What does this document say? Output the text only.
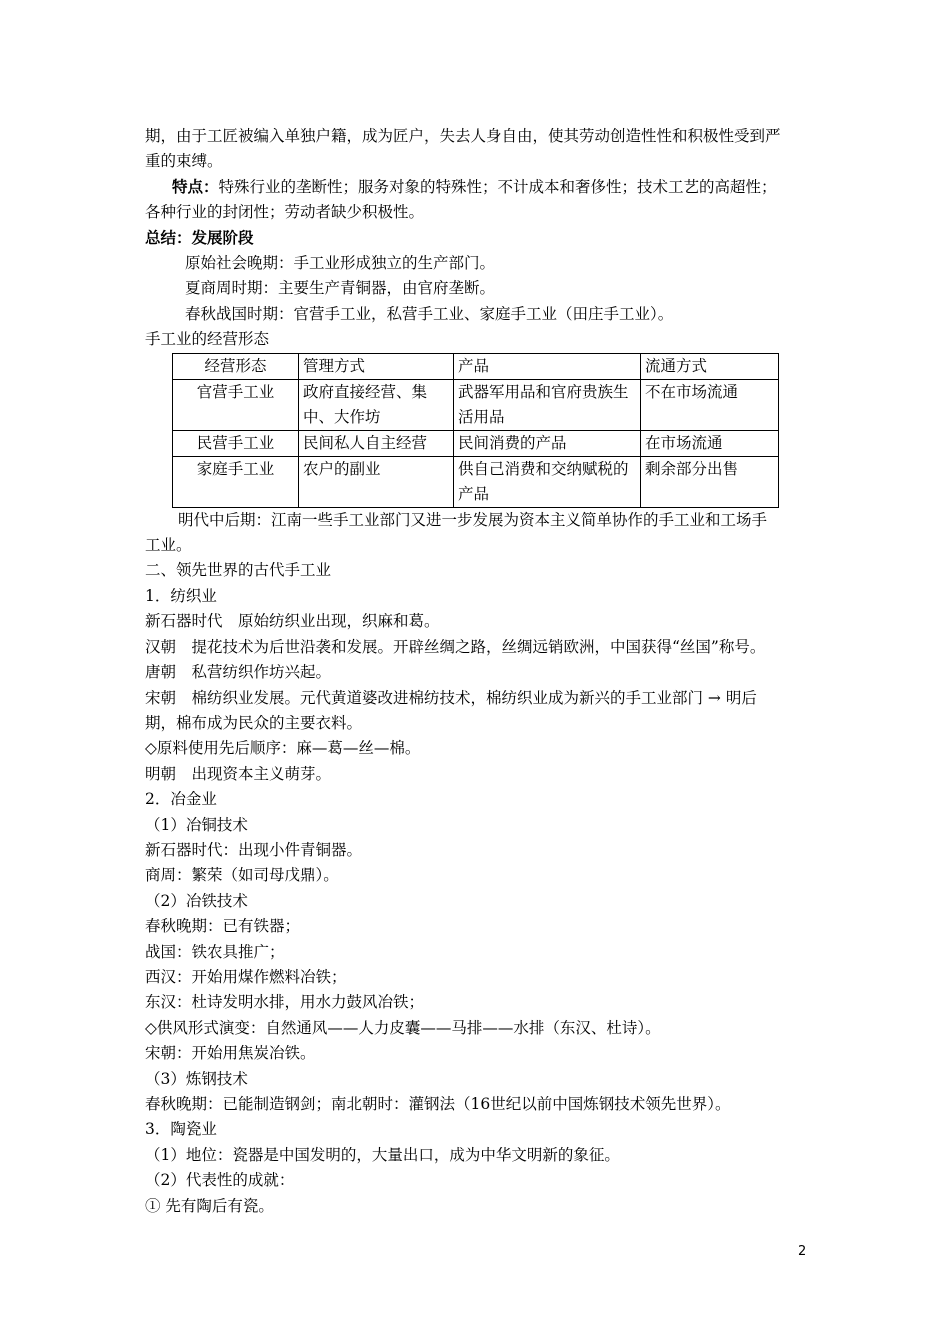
期，由于工匠被编入单独户籍，成为匠户，失去人身自由，使其劳动创造性性和积极性受到严
重的束缚。
特点：特殊行业的垄断性；服务对象的特殊性；不计成本和奢侈性；技术工艺的高超性；
各种行业的封闭性；劳动者缺少积极性。
总结：发展阶段
原始社会晚期：手工业形成独立的生产部门。
夏商周时期：主要生产青铜器，由官府垄断。
春秋战国时期：官营手工业，私营手工业、家庭手工业（田庄手工业）。
手工业的经营形态
经营形态	管理方式	产品	流通方式
官营手工业	政府直接经营、集中、大作坊	武器军用品和官府贵族生活用品	不在市场流通
民营手工业	民间私人自主经营	民间消费的产品	在市场流通
家庭手工业	农户的副业	供自己消费和交纳赋税的产品	剩余部分出售
明代中后期：江南一些手工业部门又进一步发展为资本主义简单协作的手工业和工场手
工业。
二、领先世界的古代手工业
1．纺织业
新石器时代　原始纺织业出现，织麻和葛。
汉朝　提花技术为后世沿袭和发展。开辟丝绸之路，丝绸远销欧洲，中国获得“丝国”称号。
唐朝　私营纺织作坊兴起。
宋朝　棉纺织业发展。元代黄道婆改进棉纺技术，棉纺织业成为新兴的手工业部门 → 明后
期，棉布成为民众的主要衣料。
◇原料使用先后顺序：麻—葛—丝—棉。
明朝　出现资本主义萌芽。
2．冶金业
（1）冶铜技术
新石器时代：出现小件青铜器。
商周：繁荣（如司母戊鼎）。
（2）冶铁技术
春秋晚期：已有铁器；
战国：铁农具推广；
西汉：开始用煤作燃料冶铁；
东汉：杜诗发明水排，用水力鼓风冶铁；
◇供风形式演变：自然通风——人力皮囊——马排——水排（东汉、杜诗）。
宋朝：开始用焦炭冶铁。
（3）炼钢技术
春秋晚期：已能制造钢剑；南北朝时：灌钢法（16世纪以前中国炼钢技术领先世界）。
3．陶瓷业
（1）地位：瓷器是中国发明的，大量出口，成为中华文明新的象征。
（2）代表性的成就：
① 先有陶后有瓷。
2
